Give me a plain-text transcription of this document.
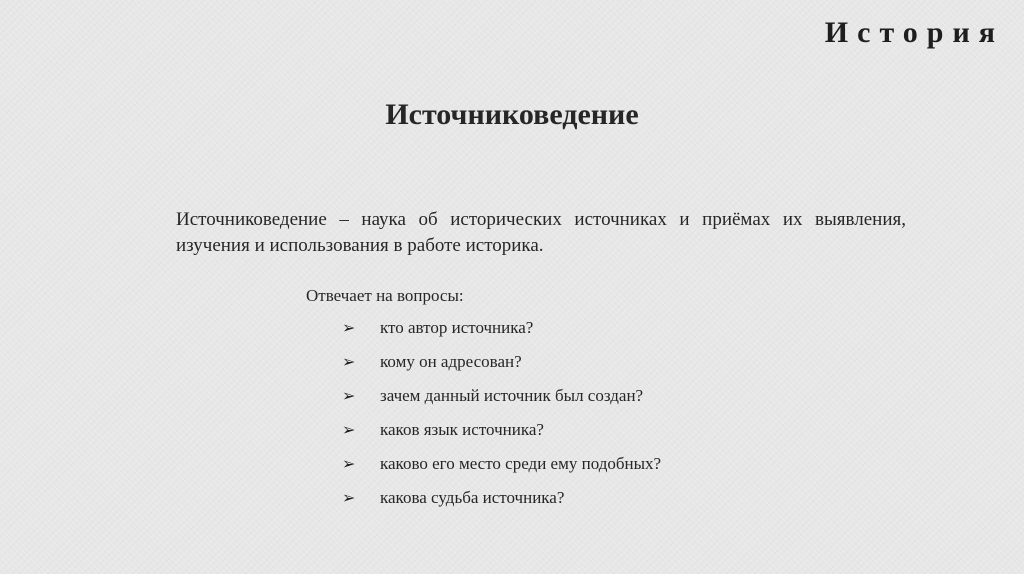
История
Источниковедение
Источниковедение – наука об исторических источниках и приёмах их выявления, изучения и использования в работе историка.
Отвечает на вопросы:
➢ кто автор источника?
➢ кому он адресован?
➢ зачем данный источник был создан?
➢ каков язык источника?
➢ каково его место среди ему подобных?
➢ какова судьба источника?
